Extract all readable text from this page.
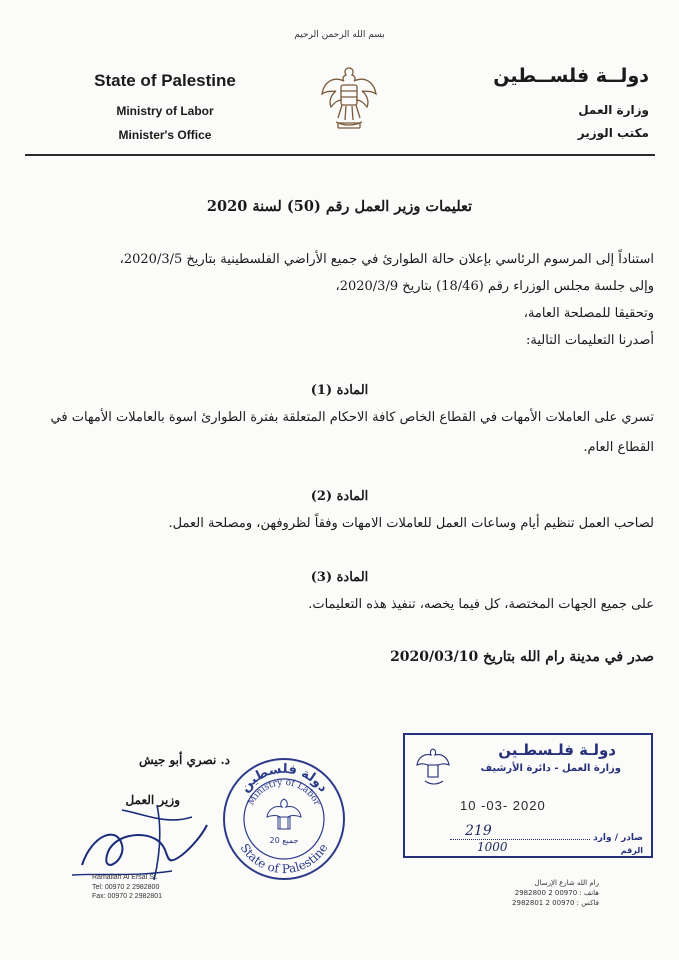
بسم الله الرحمن الرحيم
State of Palestine
Ministry of Labor
Minister's Office
دولــة فلســطين
وزارة العمل
مكتب الوزير
تعليمات وزير العمل رقم (50) لسنة 2020
استناداً إلى المرسوم الرئاسي بإعلان حالة الطوارئ في جميع الأراضي الفلسطينية بتاريخ 2020/3/5،
وإلى جلسة مجلس الوزراء رقم (18/46) بتاريخ 2020/3/9،
وتحقيقا للمصلحة العامة،
أصدرنا التعليمات التالية:
المادة (1)
تسري على العاملات الأمهات في القطاع الخاص كافة الاحكام المتعلقة بفترة الطوارئ اسوة بالعاملات الأمهات في
القطاع العام.
المادة (2)
لصاحب العمل تنظيم أيام وساعات العمل للعاملات الامهات وفقاً لظروفهن، ومصلحة العمل.
المادة (3)
على جميع الجهات المختصة، كل فيما يخصه، تنفيذ هذه التعليمات.
صدر في مدينة رام الله بتاريخ 2020/03/10
د. نصري أبو جيش
وزير العمل
دولة فلسطين
Ministry of Labor
State of Palestine
20 جميع
دولـة فلـسطـين
وزارة العمل - دائرة الأرشيف
10 -03- 2020
صادر / وارد
219
الرقم
1000
Ramallah Al Ersal St.
Tel: 00970 2 2982800
Fax: 00970 2 2982801
رام الله شارع الإرسال
هاتف : 00970 2 2982800
فاكس : 00970 2 2982801
